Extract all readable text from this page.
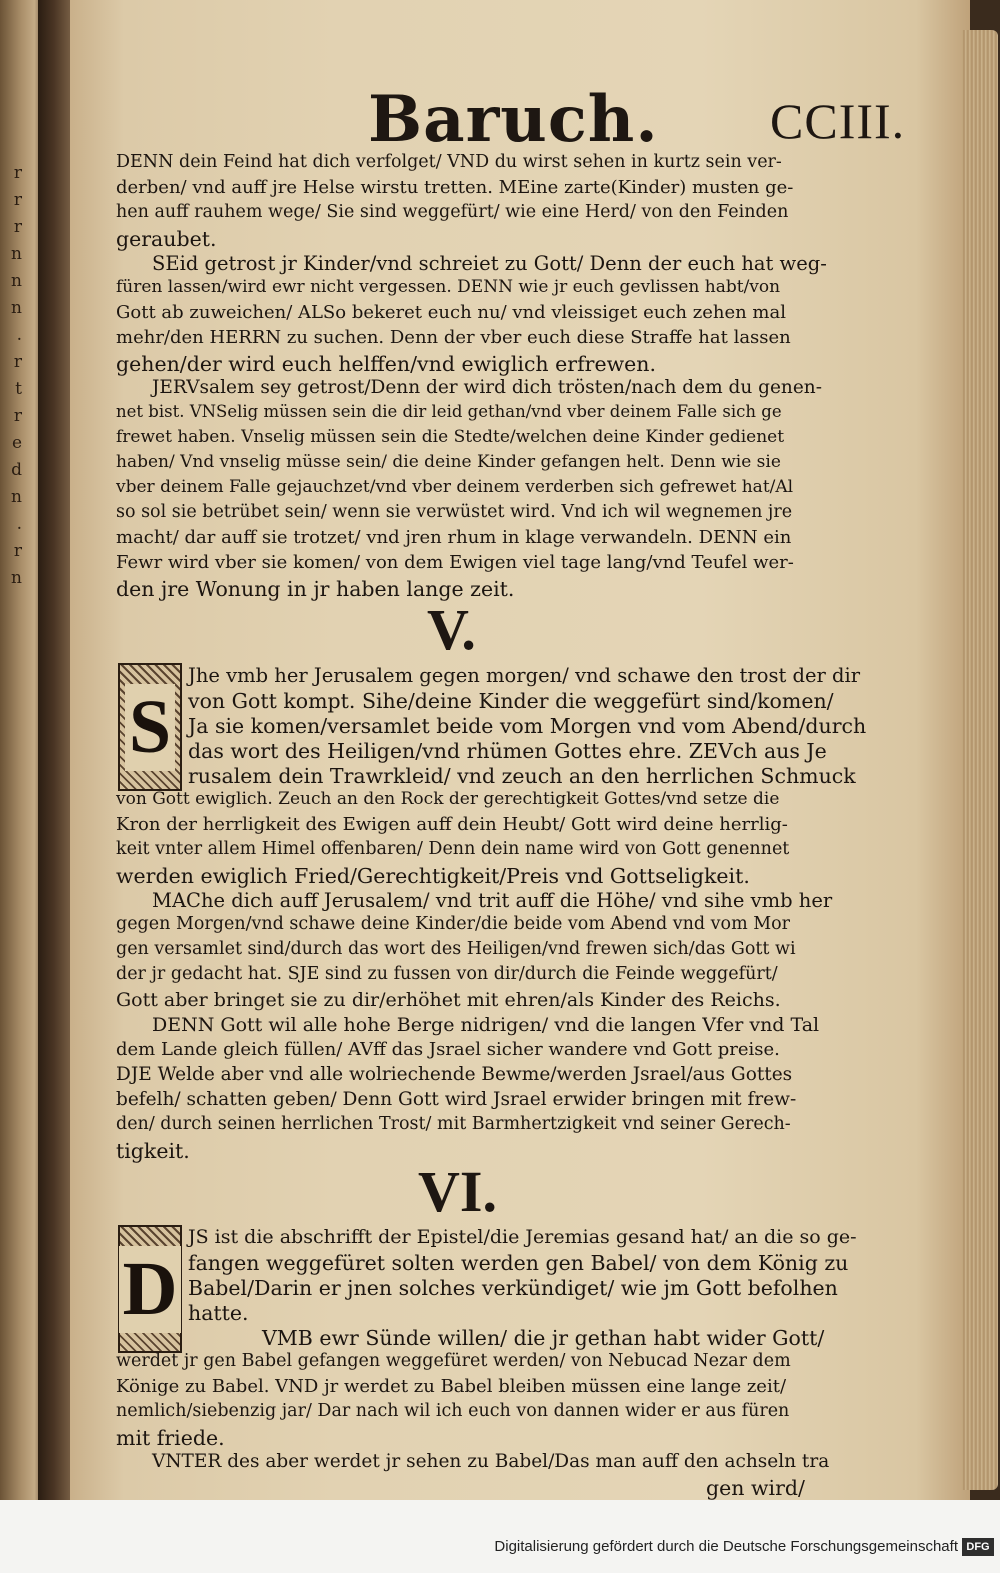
r
r
r
n
n
n
.
r
t
r
e
d
n
.
r
n
Baruch. CCIII.
DENN dein Feind hat dich verfolget/ VND du wirst sehen in kurtz sein ver-
derben/ vnd auff jre Helse wirstu tretten. MEine zarte(Kinder) musten ge-
hen auff rauhem wege/ Sie sind weggefürt/ wie eine Herd/ von den Feinden
geraubet.
SEid getrost jr Kinder/vnd schreiet zu Gott/ Denn der euch hat weg-
füren lassen/wird ewr nicht vergessen. DENN wie jr euch gevlissen habt/von
Gott ab zuweichen/ ALSo bekeret euch nu/ vnd vleissiget euch zehen mal
mehr/den HERRN zu suchen. Denn der vber euch diese Straffe hat lassen
gehen/der wird euch helffen/vnd ewiglich erfrewen.
JERVsalem sey getrost/Denn der wird dich trösten/nach dem du genen-
net bist. VNSelig müssen sein die dir leid gethan/vnd vber deinem Falle sich ge
frewet haben. Vnselig müssen sein die Stedte/welchen deine Kinder gedienet
haben/ Vnd vnselig müsse sein/ die deine Kinder gefangen helt. Denn wie sie
vber deinem Falle gejauchzet/vnd vber deinem verderben sich gefrewet hat/Al
so sol sie betrübet sein/ wenn sie verwüstet wird. Vnd ich wil wegnemen jre
macht/ dar auff sie trotzet/ vnd jren rhum in klage verwandeln. DENN ein
Fewr wird vber sie komen/ von dem Ewigen viel tage lang/vnd Teufel wer-
den jre Wonung in jr haben lange zeit.
V.
S
Jhe vmb her Jerusalem gegen morgen/ vnd schawe den trost der dir
von Gott kompt. Sihe/deine Kinder die weggefürt sind/komen/
Ja sie komen/versamlet beide vom Morgen vnd vom Abend/durch
das wort des Heiligen/vnd rhümen Gottes ehre. ZEVch aus Je
rusalem dein Trawrkleid/ vnd zeuch an den herrlichen Schmuck
von Gott ewiglich. Zeuch an den Rock der gerechtigkeit Gottes/vnd setze die
Kron der herrligkeit des Ewigen auff dein Heubt/ Gott wird deine herrlig-
keit vnter allem Himel offenbaren/ Denn dein name wird von Gott genennet
werden ewiglich Fried/Gerechtigkeit/Preis vnd Gottseligkeit.
MAChe dich auff Jerusalem/ vnd trit auff die Höhe/ vnd sihe vmb her
gegen Morgen/vnd schawe deine Kinder/die beide vom Abend vnd vom Mor
gen versamlet sind/durch das wort des Heiligen/vnd frewen sich/das Gott wi
der jr gedacht hat. SJE sind zu fussen von dir/durch die Feinde weggefürt/
Gott aber bringet sie zu dir/erhöhet mit ehren/als Kinder des Reichs.
DENN Gott wil alle hohe Berge nidrigen/ vnd die langen Vfer vnd Tal
dem Lande gleich füllen/ AVff das Jsrael sicher wandere vnd Gott preise.
DJE Welde aber vnd alle wolriechende Bewme/werden Jsrael/aus Gottes
befelh/ schatten geben/ Denn Gott wird Jsrael erwider bringen mit frew-
den/ durch seinen herrlichen Trost/ mit Barmhertzigkeit vnd seiner Gerech-
tigkeit.
VI.
D
JS ist die abschrifft der Epistel/die Jeremias gesand hat/ an die so ge-
fangen weggefüret solten werden gen Babel/ von dem König zu
Babel/Darin er jnen solches verkündiget/ wie jm Gott befolhen
hatte.
VMB ewr Sünde willen/ die jr gethan habt wider Gott/
werdet jr gen Babel gefangen weggefüret werden/ von Nebucad Nezar dem
Könige zu Babel. VND jr werdet zu Babel bleiben müssen eine lange zeit/
nemlich/siebenzig jar/ Dar nach wil ich euch von dannen wider er aus füren
mit friede.
VNTER des aber werdet jr sehen zu Babel/Das man auff den achseln tra
gen wird/
Digitalisierung gefördert durch die Deutsche Forschungsgemeinschaft DFG
